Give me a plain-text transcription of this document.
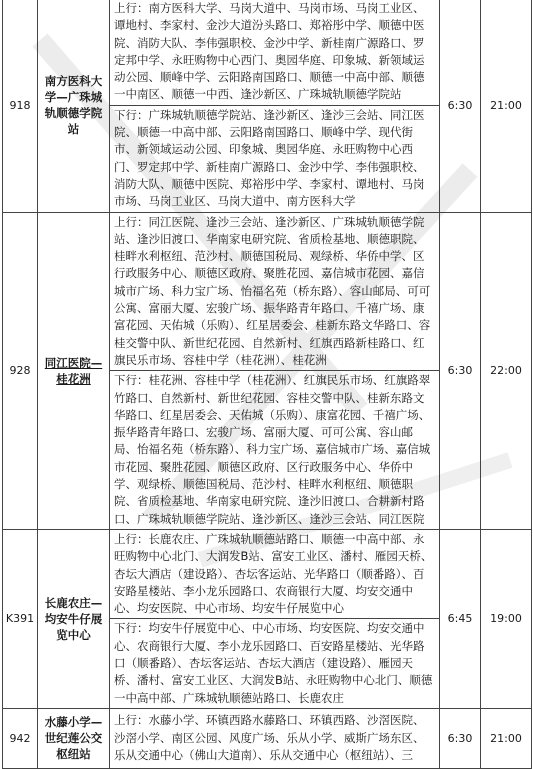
918	南方医科大学—广珠城轨顺德学院站	上行：南方医科大学、马岗大道中、马岗市场、马岗工业区、谭地村、李家村、金沙大道汾头路口、郑裕彤中学、顺德中医院、消防大队、李伟强职校、金沙中学、新桂南广源路口、罗定邦中学、永旺购物中心西门、奥园华庭、印象城、新领域运动公园、顺峰中学、云阳路南国路口、顺德一中高中部、顺德一中南区、顺德一中西、逢沙新区、广珠城轨顺德学院站
下行：广珠城轨顺德学院站、逢沙新区、逢沙三会站、同江医院、顺德一中高中部、云阳路南国路口、顺峰中学、现代街市、新领域运动公园、印象城、奥园华庭、永旺购物中心西门、罗定邦中学、新桂南广源路口、金沙中学、李伟强职校、消防大队、顺德中医院、郑裕彤中学、李家村、谭地村、马岗市场、马岗工业区、马岗大道中、南方医科大学	6:30	21:00
928	同江医院—桂花洲	上行：同江医院、逢沙三会站、逢沙新区、广珠城轨顺德学院站、逢沙旧渡口、华南家电研究院、省质检基地、顺德职院、桂畔水利枢纽、范沙村、顺德国税局、观绿桥、华侨中学、区行政服务中心、顺德区政府、聚胜花园、嘉信城市花园、嘉信城市广场、科力宝广场、怡福名苑（桥东路）、容山邮局、可可公寓、富丽大厦、宏骏广场、振华路青年路口、千禧广场、康富花园、天佑城（乐购）、红星居委会、桂新东路文华路口、容桂交警中队、新世纪花园、自然新村、红旗西路新桂路口、红旗民乐市场、容桂中学（桂花洲）、桂花洲
下行：桂花洲、容桂中学（桂花洲）、红旗民乐市场、红旗路翠竹路口、自然新村、新世纪花园、容桂交警中队、桂新东路文华路口、红星居委会、天佑城（乐购）、康富花园、千禧广场、振华路青年路口、宏骏广场、富丽大厦、可可公寓、容山邮局、怡福名苑（桥东路）、科力宝广场、嘉信城市广场、嘉信城市花园、聚胜花园、顺德区政府、区行政服务中心、华侨中学、观绿桥、顺德国税局、范沙村、桂畔水利枢纽、顺德职院、省质检基地、华南家电研究院、逢沙旧渡口、合耕新村路口、广珠城轨顺德学院站、逢沙新区、逢沙三会站、同江医院	6:30	22:00
K391	长鹿农庄—均安牛仔展览中心	上行：长鹿农庄、广珠城轨顺德站路口、顺德一中高中部、永旺购物中心北门、大润发B站、富安工业区、潘村、雁园天桥、杏坛大酒店（建设路）、杏坛客运站、光华路口（顺番路）、百安路星楼站、李小龙乐园路口、农商银行大厦、均安交通中心、均安医院、中心市场、均安牛仔展览中心
下行：均安牛仔展览中心、中心市场、均安医院、均安交通中心、农商银行大厦、李小龙乐园路口、百安路星楼站、光华路口（顺番路）、杏坛客运站、杏坛大酒店（建设路）、雁园天桥、潘村、富安工业区、大润发B站、永旺购物中心北门、顺德一中高中部、广珠城轨顺德站路口、长鹿农庄	6:45	19:00
942	水藤小学—世纪莲公交枢纽站	上行：水藤小学、环镇西路水藤路口、环镇西路、沙滘医院、沙滘小学、南区公园、风度广场、乐从小学、威斯广场东区、乐从交通中心（佛山大道南）、乐从交通中心（枢纽站）、三	6:30	21:00
